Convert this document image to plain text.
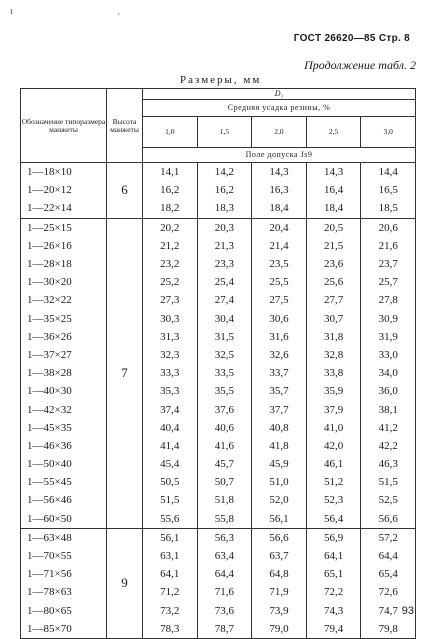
ı
'
ГОСТ 26620—85 Стр. 8
Продолжение табл. 2
Размеры, мм
Обозначение типоразмера манжеты	Высота манжеты	D₁				
		Средняя усадка резины, %				
		1,0	1,5	2,0	2,5	3,0
		Поле допуска Js9				
1—18×10	6	14,1	14,2	14,3	14,3	14,4
1—20×12		16,2	16,2	16,3	16,4	16,5
1—22×14		18,2	18,3	18,4	18,4	18,5
1—25×15	7	20,2	20,3	20,4	20,5	20,6
1—26×16		21,2	21,3	21,4	21,5	21,6
1—28×18		23,2	23,3	23,5	23,6	23,7
1—30×20		25,2	25,4	25,5	25,6	25,7
1—32×22		27,3	27,4	27,5	27,7	27,8
1—35×25		30,3	30,4	30,6	30,7	30,9
1—36×26		31,3	31,5	31,6	31,8	31,9
1—37×27		32,3	32,5	32,6	32,8	33,0
1—38×28		33,3	33,5	33,7	33,8	34,0
1—40×30		35,3	35,5	35,7	35,9	36,0
1—42×32		37,4	37,6	37,7	37,9	38,1
1—45×35		40,4	40,6	40,8	41,0	41,2
1—46×36		41,4	41,6	41,8	42,0	42,2
1—50×40		45,4	45,7	45,9	46,1	46,3
1—55×45		50,5	50,7	51,0	51,2	51,5
1—56×46		51,5	51,8	52,0	52,3	52,5
1—60×50		55,6	55,8	56,1	56,4	56,6
1—63×48	9	56,1	56,3	56,6	56,9	57,2
1—70×55		63,1	63,4	63,7	64,1	64,4
1—71×56		64,1	64,4	64,8	65,1	65,4
1—78×63		71,2	71,6	71,9	72,2	72,6
1—80×65		73,2	73,6	73,9	74,3	74,7
1—85×70		78,3	78,7	79,0	79,4	79,8
93
